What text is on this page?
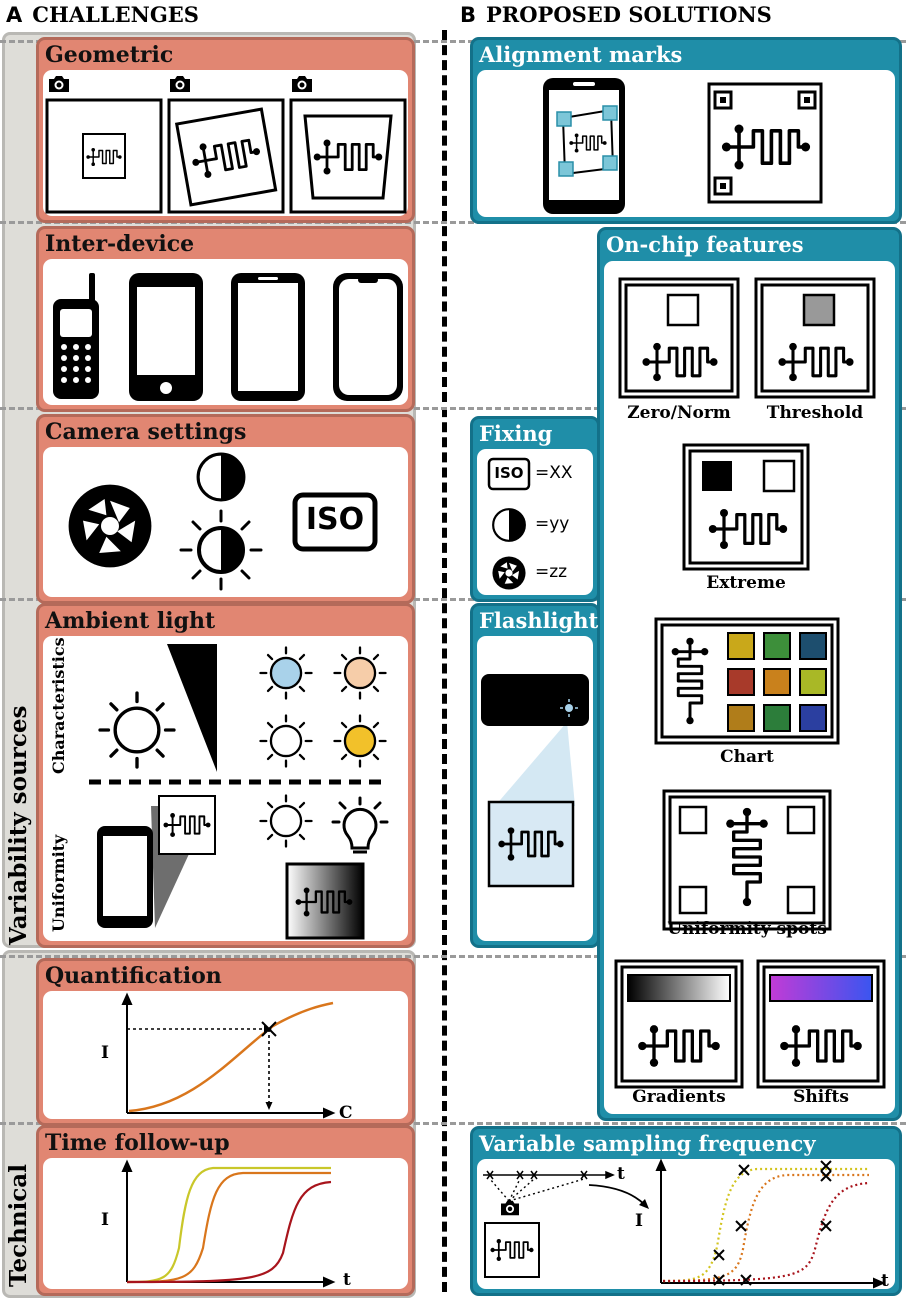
A CHALLENGES	B PROPOSED SOLUTIONS
Variability sources
Technical
Geometric
Inter-device
Camera settings
ISO
Ambient light
Characteristics
Uniformity
Quantification
I
C
Time follow-up
I
t
Alignment marks
On-chip features
Zero/Norm	Threshold
Extreme
Chart
Uniformity spots
Gradients	Shifts
Fixing
ISO =XX
=yy
=zz
Flashlight
Variable sampling frequency
t
I
t
